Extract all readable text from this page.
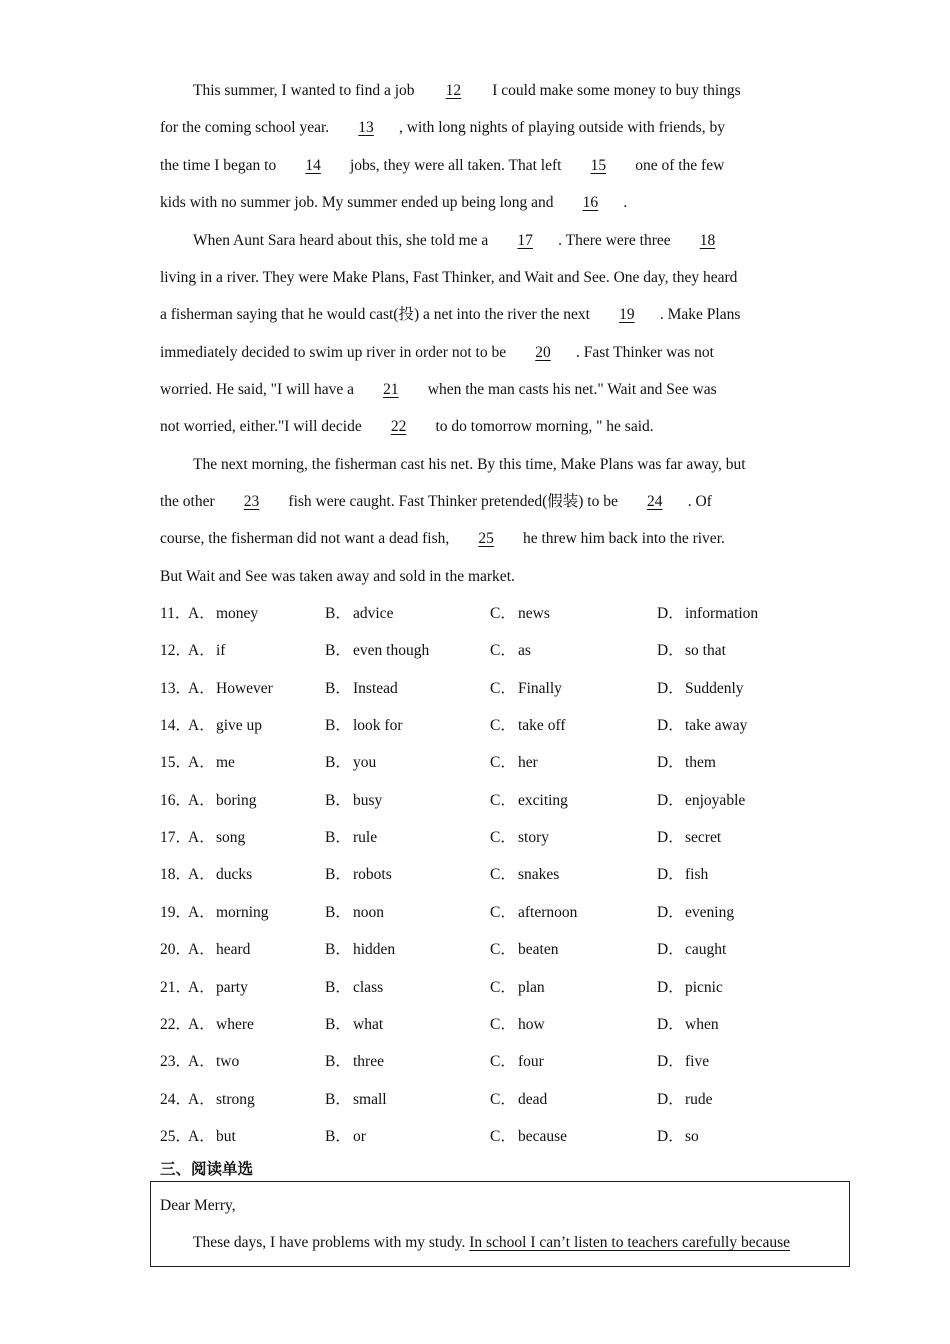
This summer, I wanted to find a job 12 I could make some money to buy things
for the coming school year. 13 , with long nights of playing outside with friends, by
the time I began to 14 jobs, they were all taken. That left 15 one of the few
kids with no summer job. My summer ended up being long and 16 .
When Aunt Sara heard about this, she told me a 17 . There were three 18
living in a river. They were Make Plans, Fast Thinker, and Wait and See. One day, they heard
a fisherman saying that he would cast(投) a net into the river the next 19 . Make Plans
immediately decided to swim up river in order not to be 20 . Fast Thinker was not
worried. He said, "I will have a 21 when the man casts his net." Wait and See was
not worried, either."I will decide 22 to do tomorrow morning, " he said.
The next morning, the fisherman cast his net. By this time, Make Plans was far away, but
the other 23 fish were caught. Fast Thinker pretended(假装) to be 24 . Of
course, the fisherman did not want a dead fish, 25 he threw him back into the river.
But Wait and See was taken away and sold in the market.
11．
A．money	B． advice	C． news	D．information
12．
A．if	B． even though	C． as	D．so that
13．
A．However	B． Instead	C． Finally	D．Suddenly
14．
A．give up	B． look for	C． take off	D．take away
15．
A．me	B． you	C． her	D．them
16．
A．boring	B． busy	C． exciting	D．enjoyable
17．
A．song	B． rule	C． story	D．secret
18．
A．ducks	B． robots	C． snakes	D．fish
19．
A．morning	B． noon	C． afternoon	D．evening
20．
A．heard	B． hidden	C． beaten	D．caught
21．
A．party	B． class	C． plan	D．picnic
22．
A．where	B． what	C． how	D．when
23．
A．two	B． three	C． four	D．five
24．
A．strong	B． small	C． dead	D．rude
25．
A．but	B． or	C． because	D．so
三、阅读单选
Dear Merry,
These days, I have problems with my study. In school I can’t listen to teachers carefully because
